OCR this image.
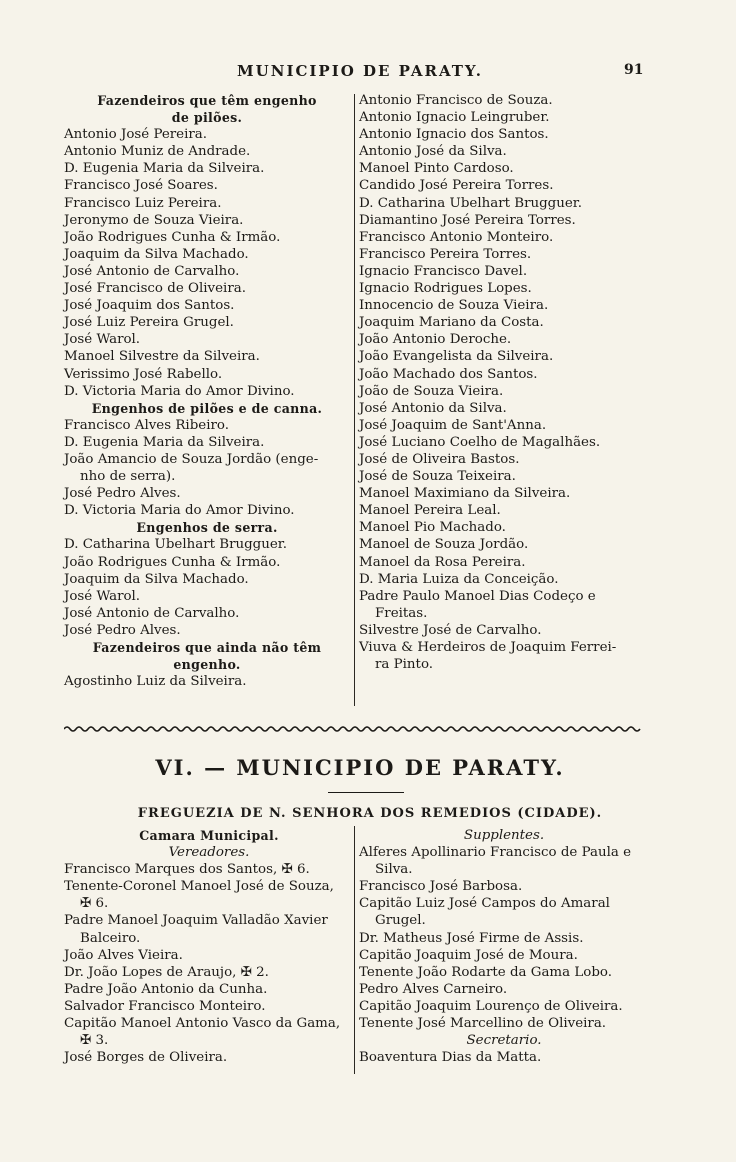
MUNICIPIO DE PARATY.	91
Fazendeiros que têm engenho
de pilões.
Antonio José Pereira.
Antonio Muniz de Andrade.
D. Eugenia Maria da Silveira.
Francisco José Soares.
Francisco Luiz Pereira.
Jeronymo de Souza Vieira.
João Rodrigues Cunha & Irmão.
Joaquim da Silva Machado.
José Antonio de Carvalho.
José Francisco de Oliveira.
José Joaquim dos Santos.
José Luiz Pereira Grugel.
José Warol.
Manoel Silvestre da Silveira.
Verissimo José Rabello.
D. Victoria Maria do Amor Divino.
Engenhos de pilões e de canna.
Francisco Alves Ribeiro.
D. Eugenia Maria da Silveira.
João Amancio de Souza Jordão (enge-
nho de serra).
José Pedro Alves.
D. Victoria Maria do Amor Divino.
Engenhos de serra.
D. Catharina Ubelhart Brugguer.
João Rodrigues Cunha & Irmão.
Joaquim da Silva Machado.
José Warol.
José Antonio de Carvalho.
José Pedro Alves.
Fazendeiros que ainda não têm
engenho.
Agostinho Luiz da Silveira.
Antonio Francisco de Souza.
Antonio Ignacio Leingruber.
Antonio Ignacio dos Santos.
Antonio José da Silva.
Manoel Pinto Cardoso.
Candido José Pereira Torres.
D. Catharina Ubelhart Brugguer.
Diamantino José Pereira Torres.
Francisco Antonio Monteiro.
Francisco Pereira Torres.
Ignacio Francisco Davel.
Ignacio Rodrigues Lopes.
Innocencio de Souza Vieira.
Joaquim Mariano da Costa.
João Antonio Deroche.
João Evangelista da Silveira.
João Machado dos Santos.
João de Souza Vieira.
José Antonio da Silva.
José Joaquim de Sant'Anna.
José Luciano Coelho de Magalhães.
José de Oliveira Bastos.
José de Souza Teixeira.
Manoel Maximiano da Silveira.
Manoel Pereira Leal.
Manoel Pio Machado.
Manoel de Souza Jordão.
Manoel da Rosa Pereira.
D. Maria Luiza da Conceição.
Padre Paulo Manoel Dias Codeço e
Freitas.
Silvestre José de Carvalho.
Viuva & Herdeiros de Joaquim Ferrei-
ra Pinto.
VI. — MUNICIPIO DE PARATY.
FREGUEZIA DE N. SENHORA DOS REMEDIOS (CIDADE).
Camara Municipal.
Vereadores.
Francisco Marques dos Santos, ✠ 6.
Tenente-Coronel Manoel José de Souza,
✠ 6.
Padre Manoel Joaquim Valladão Xavier
Balceiro.
João Alves Vieira.
Dr. João Lopes de Araujo, ✠ 2.
Padre João Antonio da Cunha.
Salvador Francisco Monteiro.
Capitão Manoel Antonio Vasco da Gama,
✠ 3.
José Borges de Oliveira.
Supplentes.
Alferes Apollinario Francisco de Paula e
Silva.
Francisco José Barbosa.
Capitão Luiz José Campos do Amaral
Grugel.
Dr. Matheus José Firme de Assis.
Capitão Joaquim José de Moura.
Tenente João Rodarte da Gama Lobo.
Pedro Alves Carneiro.
Capitão Joaquim Lourenço de Oliveira.
Tenente José Marcellino de Oliveira.
Secretario.
Boaventura Dias da Matta.
